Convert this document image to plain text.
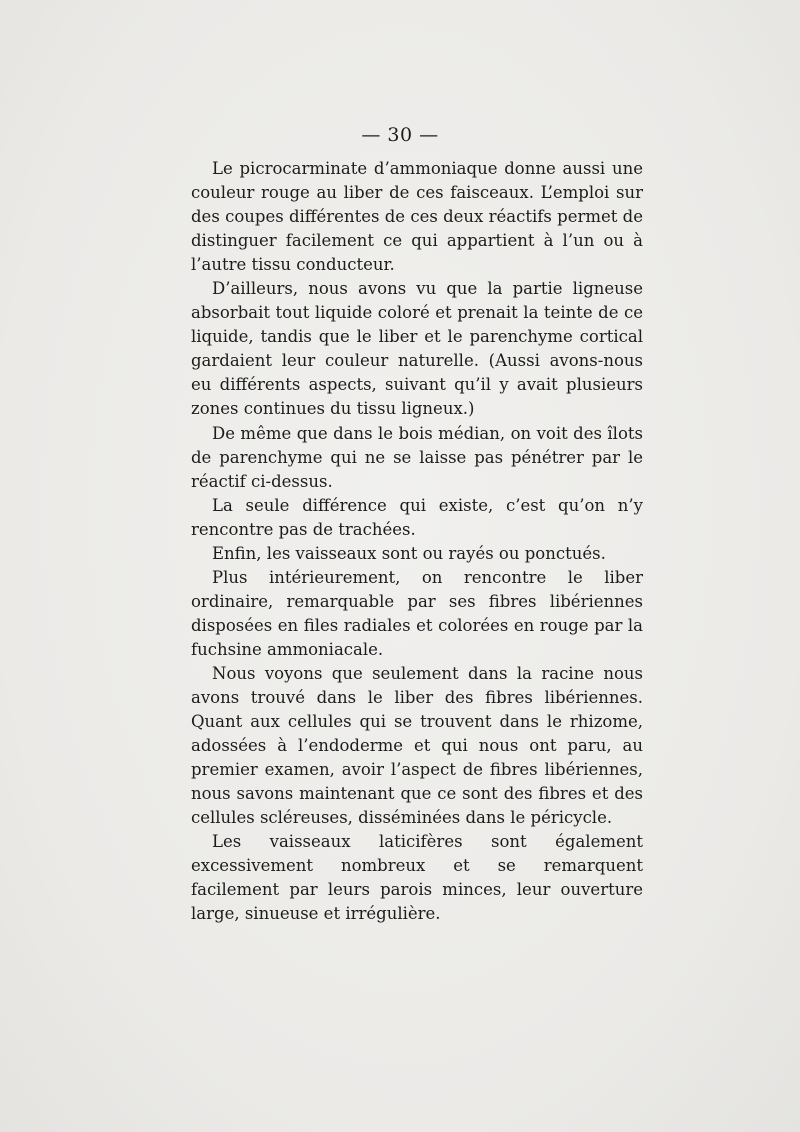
— 30 —

Le picrocarminate d’ammoniaque donne aussi une couleur rouge au liber de ces faisceaux. L’emploi sur des coupes différentes de ces deux réactifs permet de distinguer facilement ce qui appartient à l’un ou à l’autre tissu conducteur.

D’ailleurs, nous avons vu que la partie ligneuse absorbait tout liquide coloré et prenait la teinte de ce liquide, tandis que le liber et le parenchyme cortical gardaient leur couleur naturelle. (Aussi avons-nous eu différents aspects, suivant qu’il y avait plusieurs zones continues du tissu ligneux.)

De même que dans le bois médian, on voit des îlots de parenchyme qui ne se laisse pas pénétrer par le réactif ci-dessus.

La seule différence qui existe, c’est qu’on n’y rencontre pas de trachées.

Enfin, les vaisseaux sont ou rayés ou ponctués.

Plus intérieurement, on rencontre le liber ordinaire, remarquable par ses fibres libériennes disposées en files radiales et colorées en rouge par la fuchsine ammoniacale.

Nous voyons que seulement dans la racine nous avons trouvé dans le liber des fibres libériennes. Quant aux cellules qui se trouvent dans le rhizome, adossées à l’endoderme et qui nous ont paru, au premier examen, avoir l’aspect de fibres libériennes, nous savons maintenant que ce sont des fibres et des cellules scléreuses, disséminées dans le péricycle.

Les vaisseaux laticifères sont également excessivement nombreux et se remarquent facilement par leurs parois minces, leur ouverture large, sinueuse et irrégulière.
